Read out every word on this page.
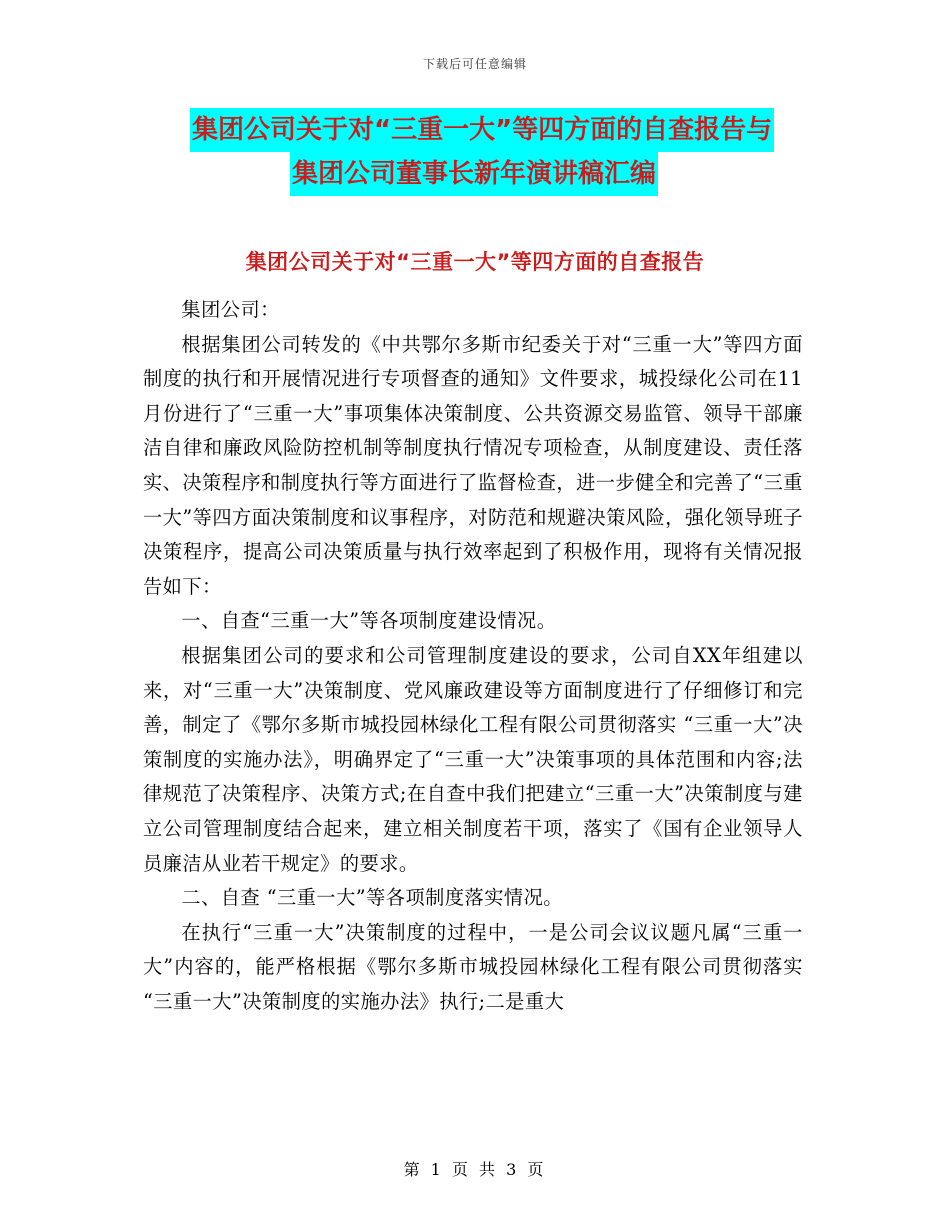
下载后可任意编辑
集团公司关于对“三重一大”等四方面的自查报告与
集团公司董事长新年演讲稿汇编
集团公司关于对“三重一大”等四方面的自查报告

集团公司：

根据集团公司转发的《中共鄂尔多斯市纪委关于对“三重一大”等四方面制度的执行和开展情况进行专项督查的通知》文件要求，城投绿化公司在11月份进行了“三重一大”事项集体决策制度、公共资源交易监管、领导干部廉洁自律和廉政风险防控机制等制度执行情况专项检查，从制度建设、责任落实、决策程序和制度执行等方面进行了监督检查，进一步健全和完善了“三重一大”等四方面决策制度和议事程序，对防范和规避决策风险，强化领导班子决策程序，提高公司决策质量与执行效率起到了积极作用，现将有关情况报告如下：

一、自查“三重一大”等各项制度建设情况。

根据集团公司的要求和公司管理制度建设的要求，公司自XX年组建以来，对“三重一大”决策制度、党风廉政建设等方面制度进行了仔细修订和完善，制定了《鄂尔多斯市城投园林绿化工程有限公司贯彻落实 “三重一大”决策制度的实施办法》，明确界定了“三重一大”决策事项的具体范围和内容;法律规范了决策程序、决策方式;在自查中我们把建立“三重一大”决策制度与建立公司管理制度结合起来，建立相关制度若干项，落实了《国有企业领导人员廉洁从业若干规定》的要求。

二、自查 “三重一大”等各项制度落实情况。

在执行“三重一大”决策制度的过程中，一是公司会议议题凡属“三重一大”内容的，能严格根据《鄂尔多斯市城投园林绿化工程有限公司贯彻落实 “三重一大”决策制度的实施办法》执行;二是重大

第 1 页 共 3 页
